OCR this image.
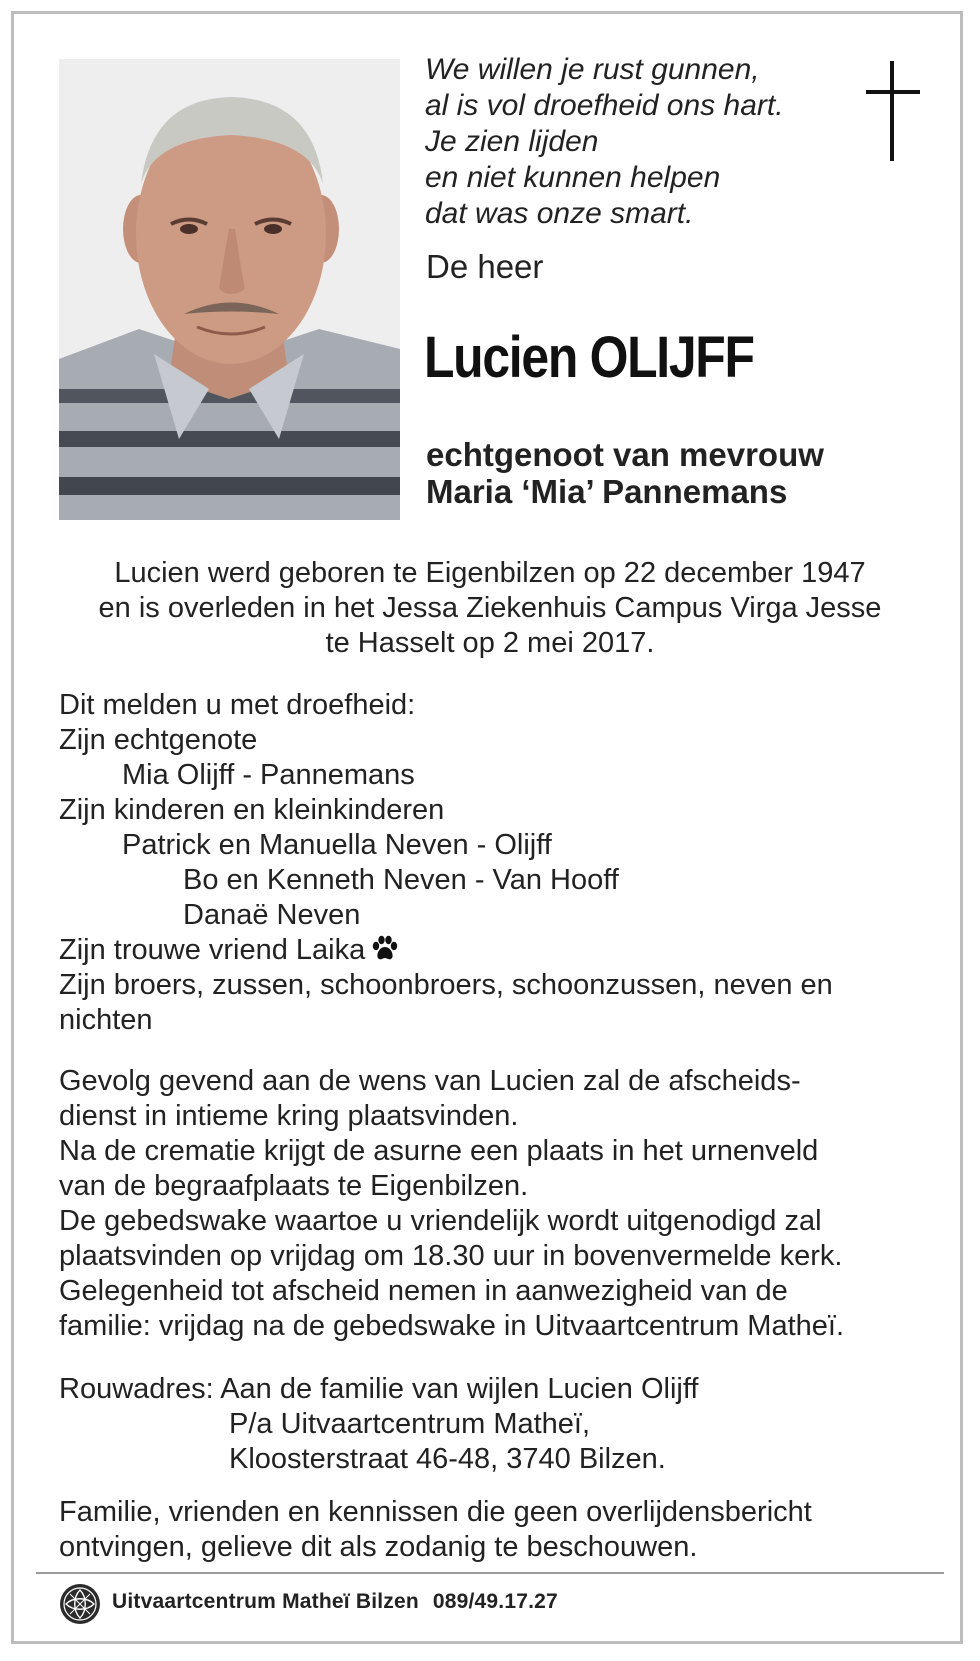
We willen je rust gunnen,
al is vol droefheid ons hart.
Je zien lijden
en niet kunnen helpen
dat was onze smart.
De heer
Lucien OLIJFF
echtgenoot van mevrouw
Maria ‘Mia’ Pannemans
Lucien werd geboren te Eigenbilzen op 22 december 1947
en is overleden in het Jessa Ziekenhuis Campus Virga Jesse
te Hasselt op 2 mei 2017.
Dit melden u met droefheid:
Zijn echtgenote
Mia Olijff - Pannemans
Zijn kinderen en kleinkinderen
Patrick en Manuella Neven - Olijff
Bo en Kenneth Neven - Van Hooff
Danaë Neven
Zijn trouwe vriend Laika
Zijn broers, zussen, schoonbroers, schoonzussen, neven en
nichten
Gevolg gevend aan de wens van Lucien zal de afscheids-
dienst in intieme kring plaatsvinden.
Na de crematie krijgt de asurne een plaats in het urnenveld
van de begraafplaats te Eigenbilzen.
De gebedswake waartoe u vriendelijk wordt uitgenodigd zal
plaatsvinden op vrijdag om 18.30 uur in bovenvermelde kerk.
Gelegenheid tot afscheid nemen in aanwezigheid van de
familie: vrijdag na de gebedswake in Uitvaartcentrum Matheï.
Rouwadres: Aan de familie van wijlen Lucien Olijff
P/a Uitvaartcentrum Matheï,
Kloosterstraat 46-48, 3740 Bilzen.
Familie, vrienden en kennissen die geen overlijdensbericht
ontvingen, gelieve dit als zodanig te beschouwen.
Uitvaartcentrum Matheï Bilzen 089/49.17.27
